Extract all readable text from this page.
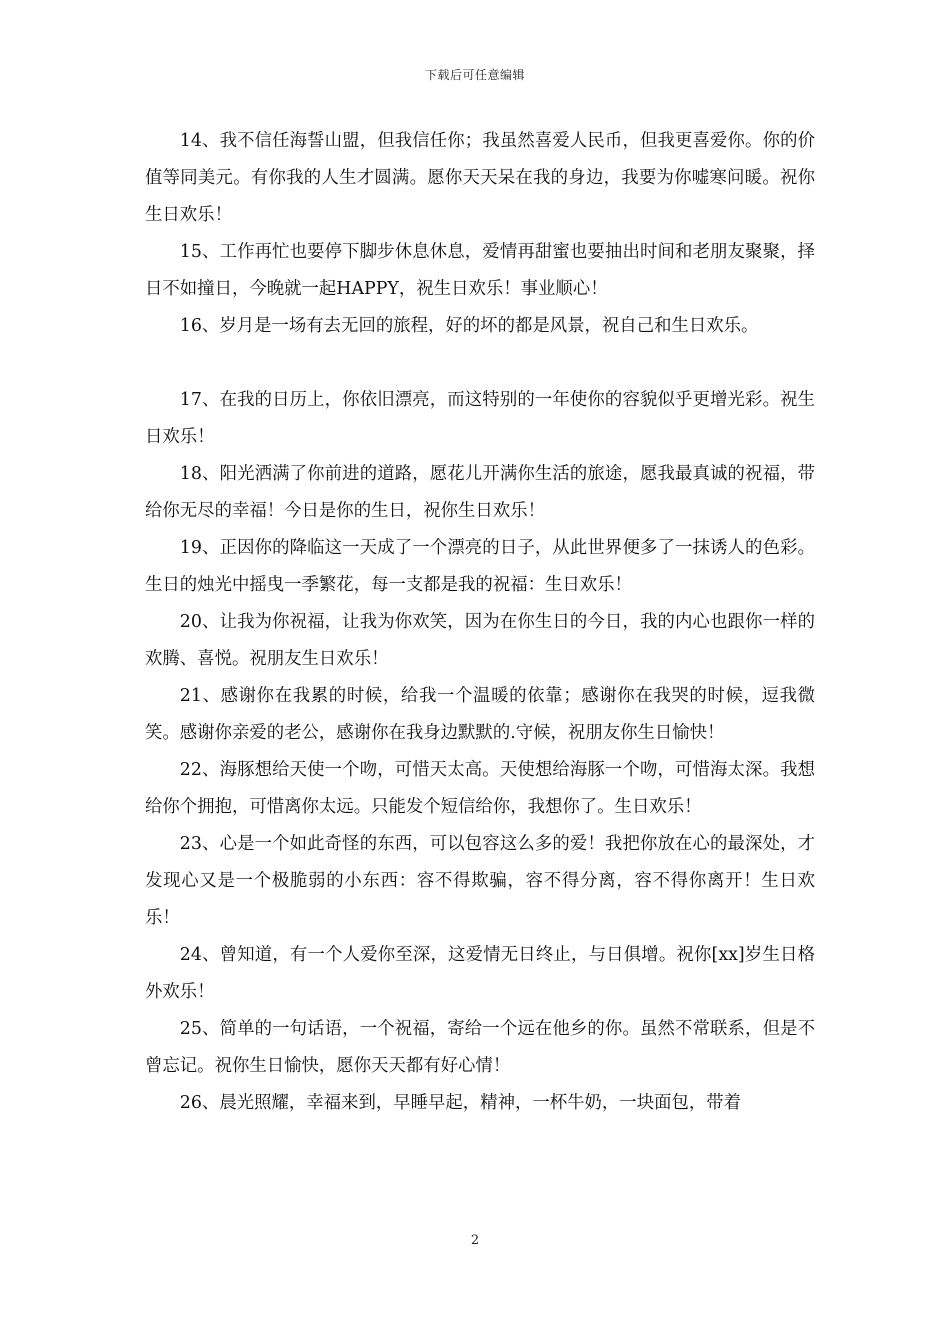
下载后可任意编辑

14、我不信任海誓山盟，但我信任你；我虽然喜爱人民币，但我更喜爱你。你的价值等同美元。有你我的人生才圆满。愿你天天呆在我的身边，我要为你嘘寒问暖。祝你生日欢乐！

15、工作再忙也要停下脚步休息休息，爱情再甜蜜也要抽出时间和老朋友聚聚，择日不如撞日，今晚就一起HAPPY，祝生日欢乐！事业顺心！

16、岁月是一场有去无回的旅程，好的坏的都是风景，祝自己和生日欢乐。

17、在我的日历上，你依旧漂亮，而这特别的一年使你的容貌似乎更增光彩。祝生日欢乐！

18、阳光洒满了你前进的道路，愿花儿开满你生活的旅途，愿我最真诚的祝福，带给你无尽的幸福！今日是你的生日，祝你生日欢乐！

19、正因你的降临这一天成了一个漂亮的日子，从此世界便多了一抹诱人的色彩。生日的烛光中摇曳一季繁花，每一支都是我的祝福：生日欢乐！

20、让我为你祝福，让我为你欢笑，因为在你生日的今日，我的内心也跟你一样的欢腾、喜悦。祝朋友生日欢乐！

21、感谢你在我累的时候，给我一个温暖的依靠；感谢你在我哭的时候，逗我微笑。感谢你亲爱的老公，感谢你在我身边默默的.守候，祝朋友你生日愉快！

22、海豚想给天使一个吻，可惜天太高。天使想给海豚一个吻，可惜海太深。我想给你个拥抱，可惜离你太远。只能发个短信给你，我想你了。生日欢乐！

23、心是一个如此奇怪的东西，可以包容这么多的爱！我把你放在心的最深处，才发现心又是一个极脆弱的小东西：容不得欺骗，容不得分离，容不得你离开！生日欢乐！

24、曾知道，有一个人爱你至深，这爱情无日终止，与日俱增。祝你[xx]岁生日格外欢乐！

25、简单的一句话语，一个祝福，寄给一个远在他乡的你。虽然不常联系，但是不曾忘记。祝你生日愉快，愿你天天都有好心情！

26、晨光照耀，幸福来到，早睡早起，精神，一杯牛奶，一块面包，带着

2
